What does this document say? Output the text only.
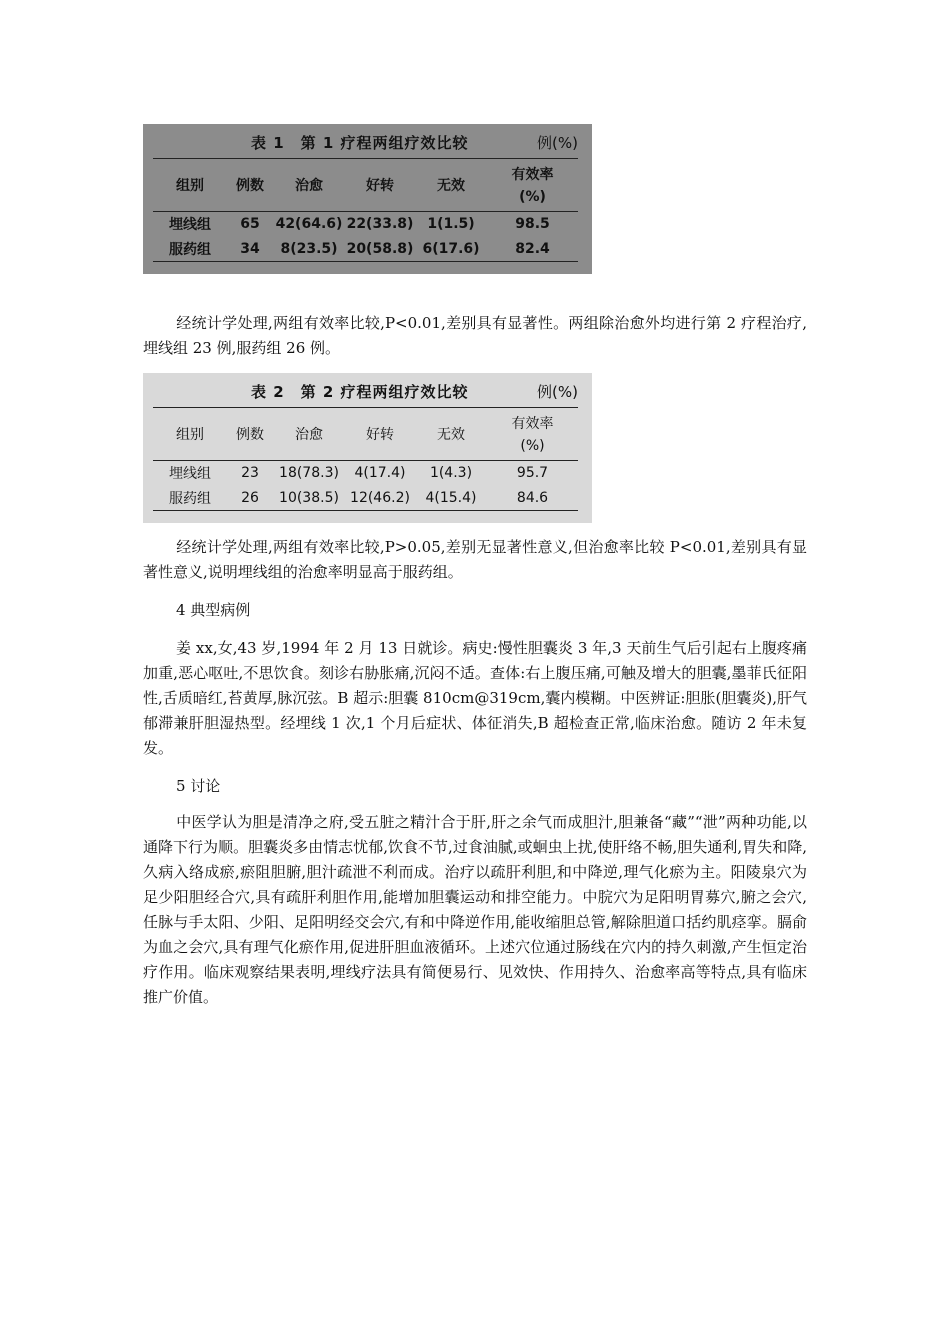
表 1　第 1 疗程两组疗效比较	例(%)
组别	例数	治愈	好转	无效	有效率
(%)
埋线组	65	42(64.6)	22(33.8)	1(1.5)	98.5
服药组	34	8(23.5)	20(58.8)	6(17.6)	82.4

经统计学处理,两组有效率比较,P<0.01,差别具有显著性。两组除治愈外均进行第 2 疗程治疗,埋线组 23 例,服药组 26 例。

表 2　第 2 疗程两组疗效比较	例(%)
组别	例数	治愈	好转	无效	有效率
(%)
埋线组	23	18(78.3)	4(17.4)	1(4.3)	95.7
服药组	26	10(38.5)	12(46.2)	4(15.4)	84.6

经统计学处理,两组有效率比较,P>0.05,差别无显著性意义,但治愈率比较 P<0.01,差别具有显著性意义,说明埋线组的治愈率明显高于服药组。

4 典型病例

姜 xx,女,43 岁,1994 年 2 月 13 日就诊。病史:慢性胆囊炎 3 年,3 天前生气后引起右上腹疼痛加重,恶心呕吐,不思饮食。刻诊右胁胀痛,沉闷不适。查体:右上腹压痛,可触及增大的胆囊,墨菲氏征阳性,舌质暗红,苔黄厚,脉沉弦。B 超示:胆囊 810cm@319cm,囊内模糊。中医辨证:胆胀(胆囊炎),肝气郁滞兼肝胆湿热型。经埋线 1 次,1 个月后症状、体征消失,B 超检查正常,临床治愈。随访 2 年未复发。

5 讨论

中医学认为胆是清净之府,受五脏之精汁合于肝,肝之余气而成胆汁,胆兼备“藏”“泄”两种功能,以通降下行为顺。胆囊炎多由情志忧郁,饮食不节,过食油腻,或蛔虫上扰,使肝络不畅,胆失通利,胃失和降,久病入络成瘀,瘀阻胆腑,胆汁疏泄不利而成。治疗以疏肝利胆,和中降逆,理气化瘀为主。阳陵泉穴为足少阳胆经合穴,具有疏肝利胆作用,能增加胆囊运动和排空能力。中脘穴为足阳明胃募穴,腑之会穴,任脉与手太阳、少阳、足阳明经交会穴,有和中降逆作用,能收缩胆总管,解除胆道口括约肌痉挛。膈俞为血之会穴,具有理气化瘀作用,促进肝胆血液循环。上述穴位通过肠线在穴内的持久刺激,产生恒定治疗作用。临床观察结果表明,埋线疗法具有简便易行、见效快、作用持久、治愈率高等特点,具有临床推广价值。
